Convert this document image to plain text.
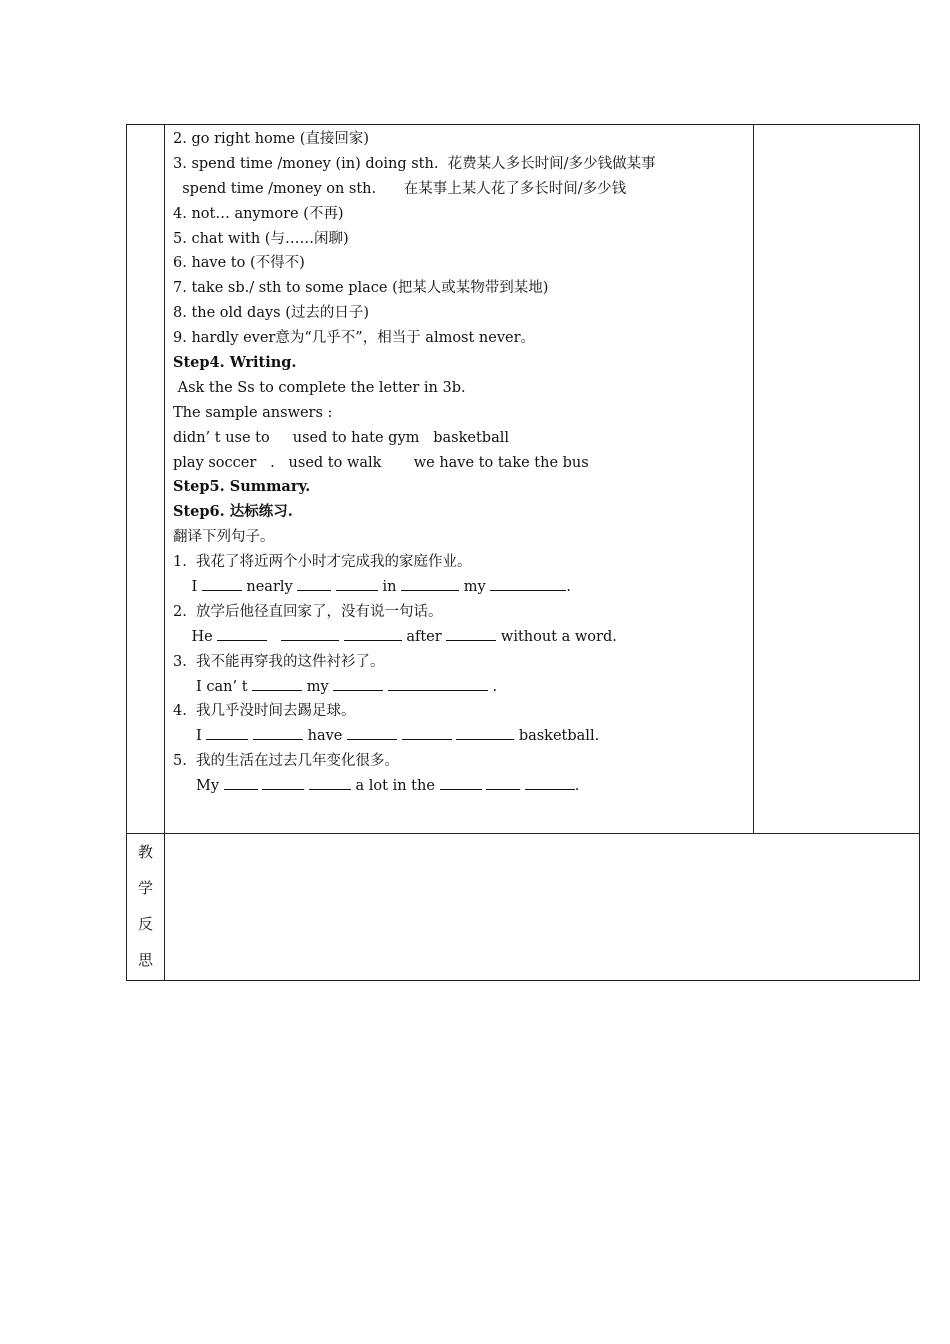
2. go right home (直接回家)
3. spend time /money (in) doing sth.  花费某人多长时间/多少钱做某事
spend time /money on sth.      在某事上某人花了多长时间/多少钱
4. not… anymore (不再)
5. chat with (与……闲聊)
6. have to (不得不)
7. take sb./ sth to some place (把某人或某物带到某地)
8. the old days (过去的日子)
9. hardly ever意为“几乎不”，相当于 almost never。
Step4. Writing.
Ask the Ss to complete the letter in 3b.
The sample answers :
didn’ t use to     used to hate gym   basketball
play soccer   .   used to walk       we have to take the bus
Step5. Summary.
Step6. 达标练习.
翻译下列句子。
1.  我花了将近两个小时才完成我的家庭作业。
I	nearly	in	my	.
2.  放学后他径直回家了，没有说一句话。
He	after	without a word.
3.  我不能再穿我的这件衬衫了。
I can’ t	my	.
4.  我几乎没时间去踢足球。
I	have	basketball.
5.  我的生活在过去几年变化很多。
My	a lot in the	.
教
学
反
思
